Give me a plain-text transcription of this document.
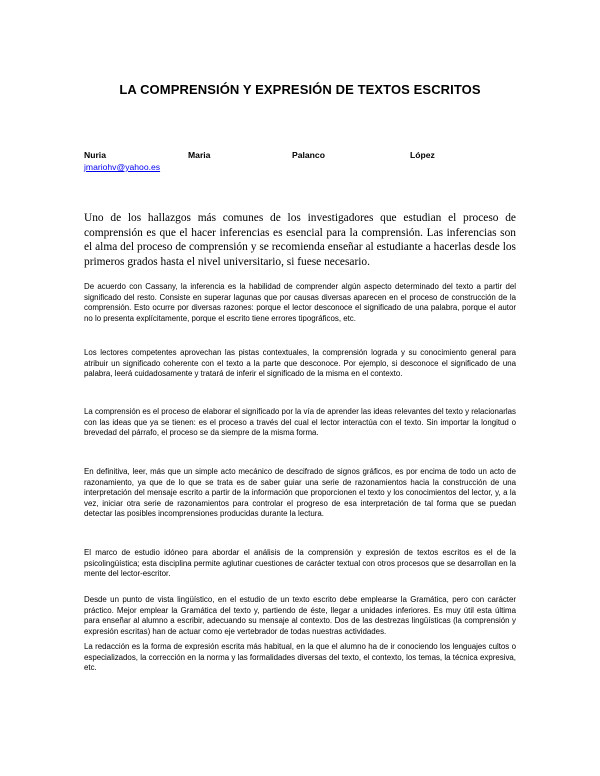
LA COMPRENSIÓN Y EXPRESIÓN DE TEXTOS ESCRITOS
Nuria	Maria	Palanco	López
jmariohv@yahoo.es

Uno de los hallazgos más comunes de los investigadores que estudian el proceso de comprensión es que el hacer inferencias es esencial para la comprensión. Las inferencias son el alma del proceso de comprensión y se recomienda enseñar al estudiante a hacerlas desde los primeros grados hasta el nivel universitario, si fuese necesario.

De acuerdo con Cassany, la inferencia es la habilidad de comprender algún aspecto determinado del texto a partir del significado del resto. Consiste en superar lagunas que por causas diversas aparecen en el proceso de construcción de la comprensión. Esto ocurre por diversas razones: porque el lector desconoce el significado de una palabra, porque el autor no lo presenta explícitamente, porque el escrito tiene errores tipográficos, etc.

Los lectores competentes aprovechan las pistas contextuales, la comprensión lograda y su conocimiento general para atribuir un significado coherente con el texto a la parte que desconoce. Por ejemplo, si desconoce el significado de una palabra, leerá cuidadosamente y tratará de inferir el significado de la misma en el contexto.

La comprensión es el proceso de elaborar el significado por la vía de aprender las ideas relevantes del texto y relacionarlas con las ideas que ya se tienen: es el proceso a través del cual el lector interactúa con el texto. Sin importar la longitud o brevedad del párrafo, el proceso se da siempre de la misma forma.

En definitiva, leer, más que un simple acto mecánico de descifrado de signos gráficos, es por encima de todo un acto de razonamiento, ya que de lo que se trata es de saber guiar una serie de razonamientos hacia la construcción de una interpretación del mensaje escrito a partir de la información que proporcionen el texto y los conocimientos del lector, y, a la vez, iniciar otra serie de razonamientos para controlar el progreso de esa interpretación de tal forma que se puedan detectar las posibles incomprensiones producidas durante la lectura.

El marco de estudio idóneo para abordar el análisis de la comprensión y expresión de textos escritos es el de la psicolingüística; esta disciplina permite aglutinar cuestiones de carácter textual con otros procesos que se desarrollan en la mente del lector-escritor.

Desde un punto de vista lingüístico, en el estudio de un texto escrito debe emplearse la Gramática, pero con carácter práctico. Mejor emplear la Gramática del texto y, partiendo de éste, llegar a unidades inferiores. Es muy útil esta última para enseñar al alumno a escribir, adecuando su mensaje al contexto. Dos de las destrezas lingüísticas (la comprensión y expresión escritas) han de actuar como eje vertebrador de todas nuestras actividades.

La redacción es la forma de expresión escrita más habitual, en la que el alumno ha de ir conociendo los lenguajes cultos o especializados, la corrección en la norma y las formalidades diversas del texto, el contexto, los temas, la técnica expresiva, etc.
